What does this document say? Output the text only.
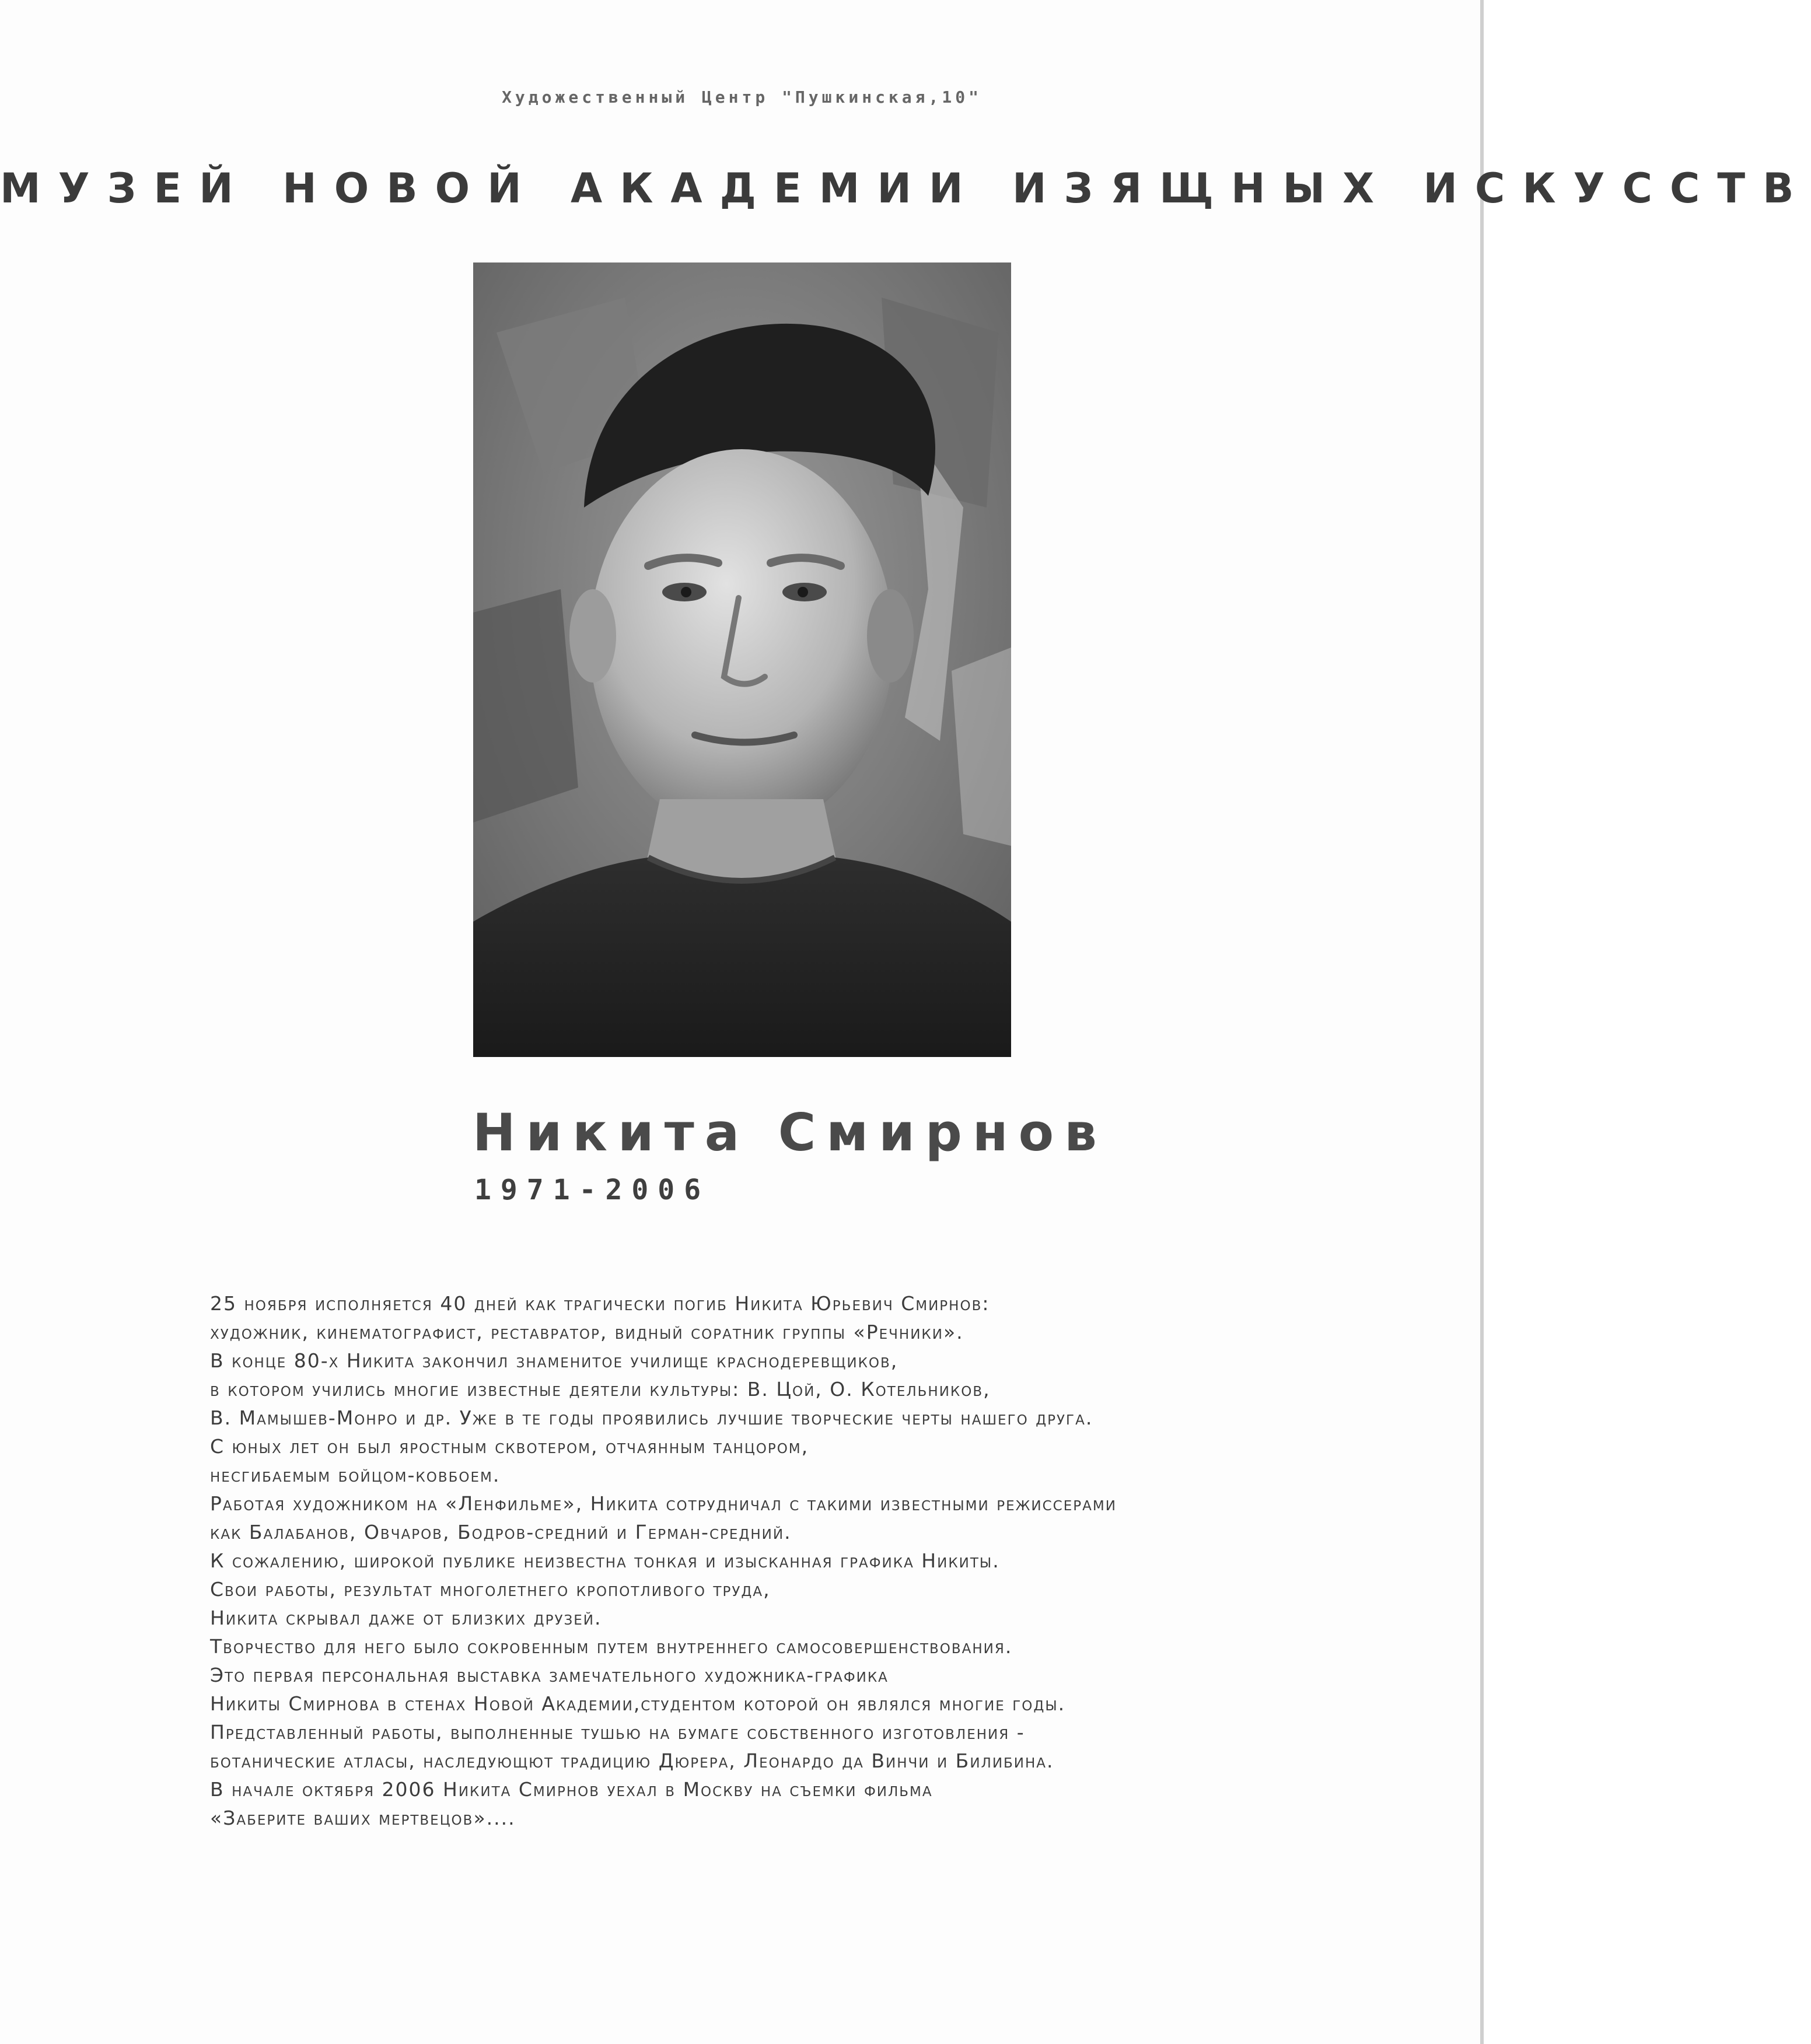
Художественный Центр "Пушкинская,10"
МУЗЕЙ НОВОЙ АКАДЕМИИ ИЗЯЩНЫХ ИСКУССТВ
Никита Смирнов
1971-2006
25 ноября исполняется 40 дней как трагически погиб Никита Юрьевич Смирнов:
художник, кинематографист, реставратор, видный соратник группы «Речники».
В конце 80-х Никита закончил знаменитое училище краснодеревщиков,
в котором учились многие известные деятели культуры: В. Цой, О. Котельников,
В. Мамышев-Монро и др. Уже в те годы проявились лучшие творческие черты нашего друга.
С юных лет он был яростным сквотером, отчаянным танцором,
несгибаемым бойцом-ковбоем.
Работая художником на «Ленфильме», Никита сотрудничал с такими известными режиссерами
как Балабанов, Овчаров, Бодров-средний и Герман-средний.
К сожалению, широкой публике неизвестна тонкая и изысканная графика Никиты.
Свои работы, результат многолетнего кропотливого труда,
Никита скрывал даже от близких друзей.
Творчество для него было сокровенным путем внутреннего самосовершенствования.
Это первая персональная выставка замечательного художника-графика
Никиты Смирнова в стенах Новой Академии,студентом которой он являлся многие годы.
Представленный работы, выполненные тушью на бумаге собственного изготовления -
ботанические атласы, наследующют традицию Дюрера, Леонардо да Винчи и Билибина.
В начале октября 2006 Никита Смирнов уехал в Москву на съемки фильма
«Заберите ваших мертвецов»....
